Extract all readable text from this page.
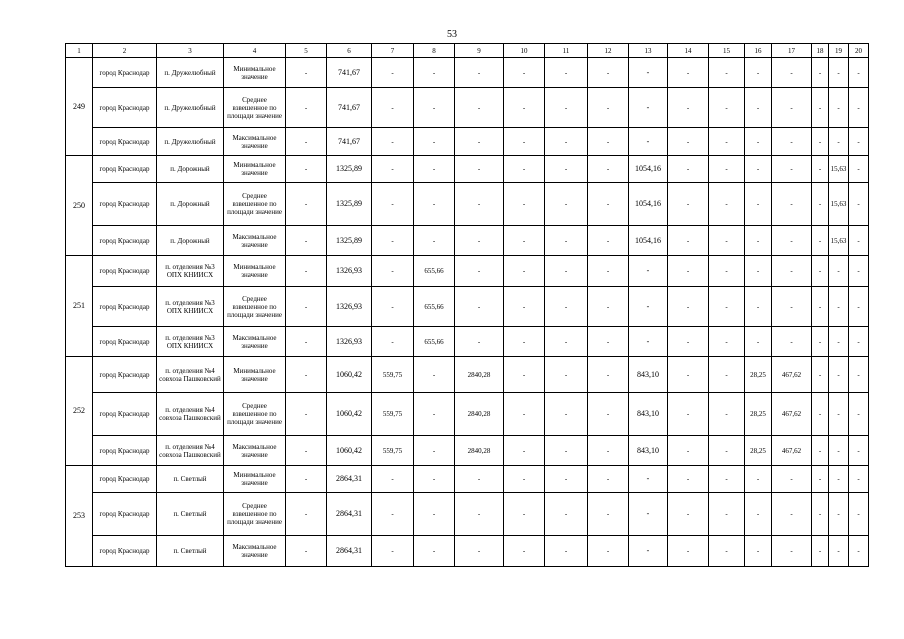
53
1	2	3	4	5	6	7	8	9	10	11	12	13	14	15	16	17	18	19	20
249	город Краснодар	п. Дружелюбный	Минимальное значение	-	741,67	-	-	-	-	-	-	-	-	-	-	-	-	-	-
	город Краснодар	п. Дружелюбный	Среднее взвешенное по площади значение	-	741,67	-	-	-	-	-	-	-	-	-	-	-	-	-	-
	город Краснодар	п. Дружелюбный	Максимальное значение	-	741,67	-	-	-	-	-	-	-	-	-	-	-	-	-	-
250	город Краснодар	п. Дорожный	Минимальное значение	-	1325,89	-	-	-	-	-	-	1054,16	-	-	-	-	-	15,63	-
	город Краснодар	п. Дорожный	Среднее взвешенное по площади значение	-	1325,89	-	-	-	-	-	-	1054,16	-	-	-	-	-	15,63	-
	город Краснодар	п. Дорожный	Максимальное значение	-	1325,89	-	-	-	-	-	-	1054,16	-	-	-	-	-	15,63	-
251	город Краснодар	п. отделения №3 ОПХ КНИИСХ	Минимальное значение	-	1326,93	-	655,66	-	-	-	-	-	-	-	-	-	-	-	-
	город Краснодар	п. отделения №3 ОПХ КНИИСХ	Среднее взвешенное по площади значение	-	1326,93	-	655,66	-	-	-	-	-	-	-	-	-	-	-	-
	город Краснодар	п. отделения №3 ОПХ КНИИСХ	Максимальное значение	-	1326,93	-	655,66	-	-	-	-	-	-	-	-	-	-	-	-
252	город Краснодар	п. отделения №4 совхоза Пашковский	Минимальное значение	-	1060,42	559,75	-	2840,28	-	-	-	843,10	-	-	28,25	467,62	-	-	-
	город Краснодар	п. отделения №4 совхоза Пашковский	Среднее взвешенное по площади значение	-	1060,42	559,75	-	2840,28	-	-	-	843,10	-	-	28,25	467,62	-	-	-
	город Краснодар	п. отделения №4 совхоза Пашковский	Максимальное значение	-	1060,42	559,75	-	2840,28	-	-	-	843,10	-	-	28,25	467,62	-	-	-
253	город Краснодар	п. Светлый	Минимальное значение	-	2864,31	-	-	-	-	-	-	-	-	-	-	-	-	-	-
	город Краснодар	п. Светлый	Среднее взвешенное по площади значение	-	2864,31	-	-	-	-	-	-	-	-	-	-	-	-	-	-
	город Краснодар	п. Светлый	Максимальное значение	-	2864,31	-	-	-	-	-	-	-	-	-	-	-	-	-	-
